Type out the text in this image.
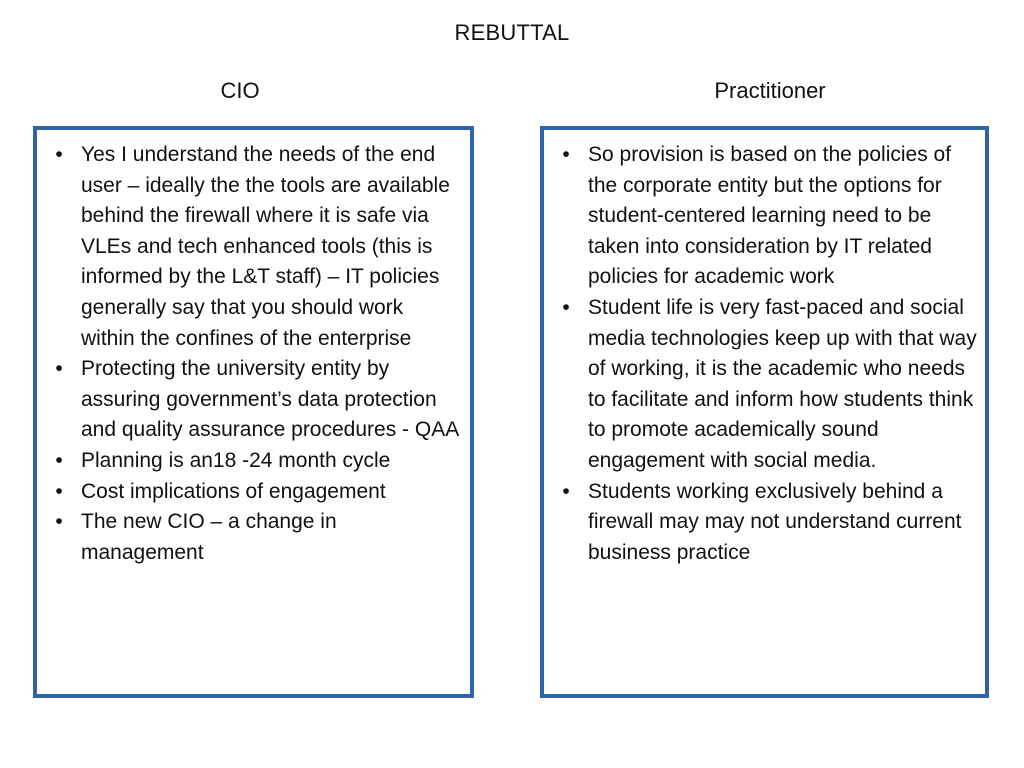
REBUTTAL
CIO	Practitioner
• Yes I understand the needs of the end user – ideally the the tools are available behind the firewall where it is safe via VLEs and tech enhanced tools (this is informed by the L&T staff) – IT policies generally say that you should work within the confines of the enterprise
• Protecting the university entity by assuring government’s data protection and quality assurance procedures - QAA
• Planning is an18 -24 month cycle
• Cost implications of engagement
• The new CIO – a change in management
• So provision is based on the policies of the corporate entity but the options for student-centered learning need to be taken into consideration by IT related policies for academic work
• Student life is very fast-paced and social media technologies keep up with that way of working, it is the academic who needs to facilitate and inform how students think to promote academically sound engagement with social media.
• Students working exclusively behind a firewall may may not understand current business practice
